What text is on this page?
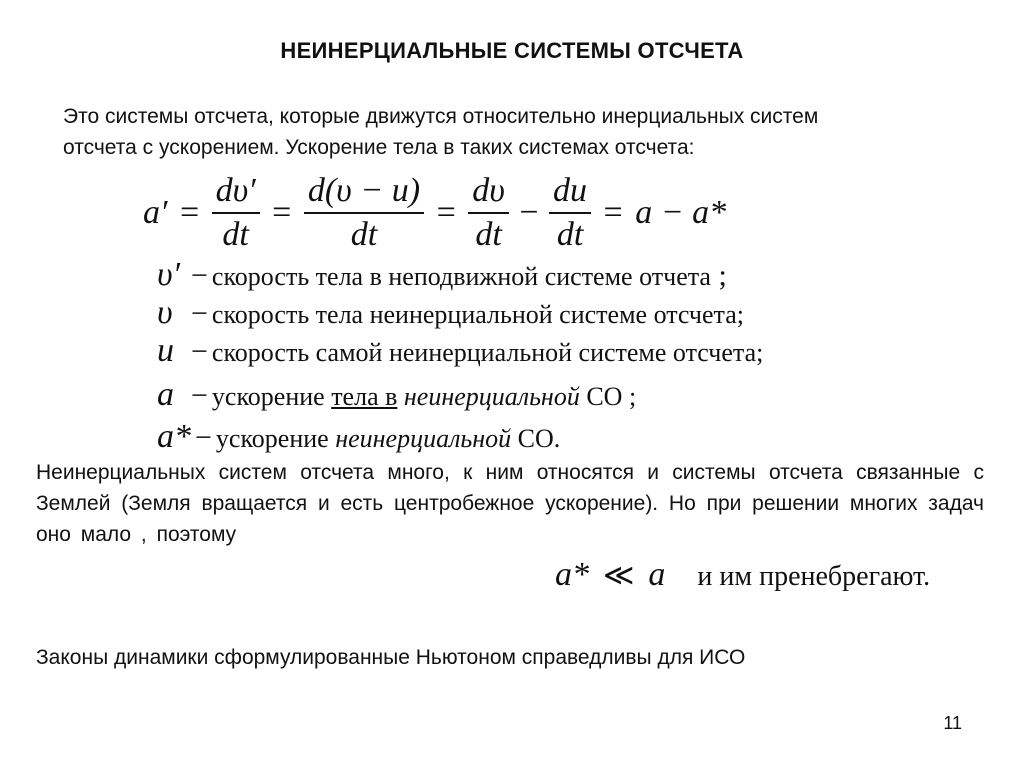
НЕИНЕРЦИАЛЬНЫЕ СИСТЕМЫ ОТСЧЕТА
Это системы отсчета, которые движутся относительно инерциальных систем
отсчета с ускорением. Ускорение тела в таких системах отсчета:
$a' = \frac{d\upsilon'}{dt} = \frac{d(\upsilon - u)}{dt} = \frac{d\upsilon}{dt} - \frac{du}{dt} = a - a*$
υ′ − скорость тела в неподвижной системе отчета ;
υ − скорость тела неинерциальной системе отсчета;
u − скорость самой неинерциальной системе отсчета;
a − ускорение тела в неинерциальной СО ;
a* − ускорение неинерциальной СО.
Неинерциальных систем отсчета много, к ним относятся и системы отсчета связанные с Землей (Земля вращается и есть центробежное ускорение). Но при решении многих задач оно мало , поэтому
a* ≪ a и им пренебрегают.
Законы динамики сформулированные Ньютоном справедливы для ИСО
11
